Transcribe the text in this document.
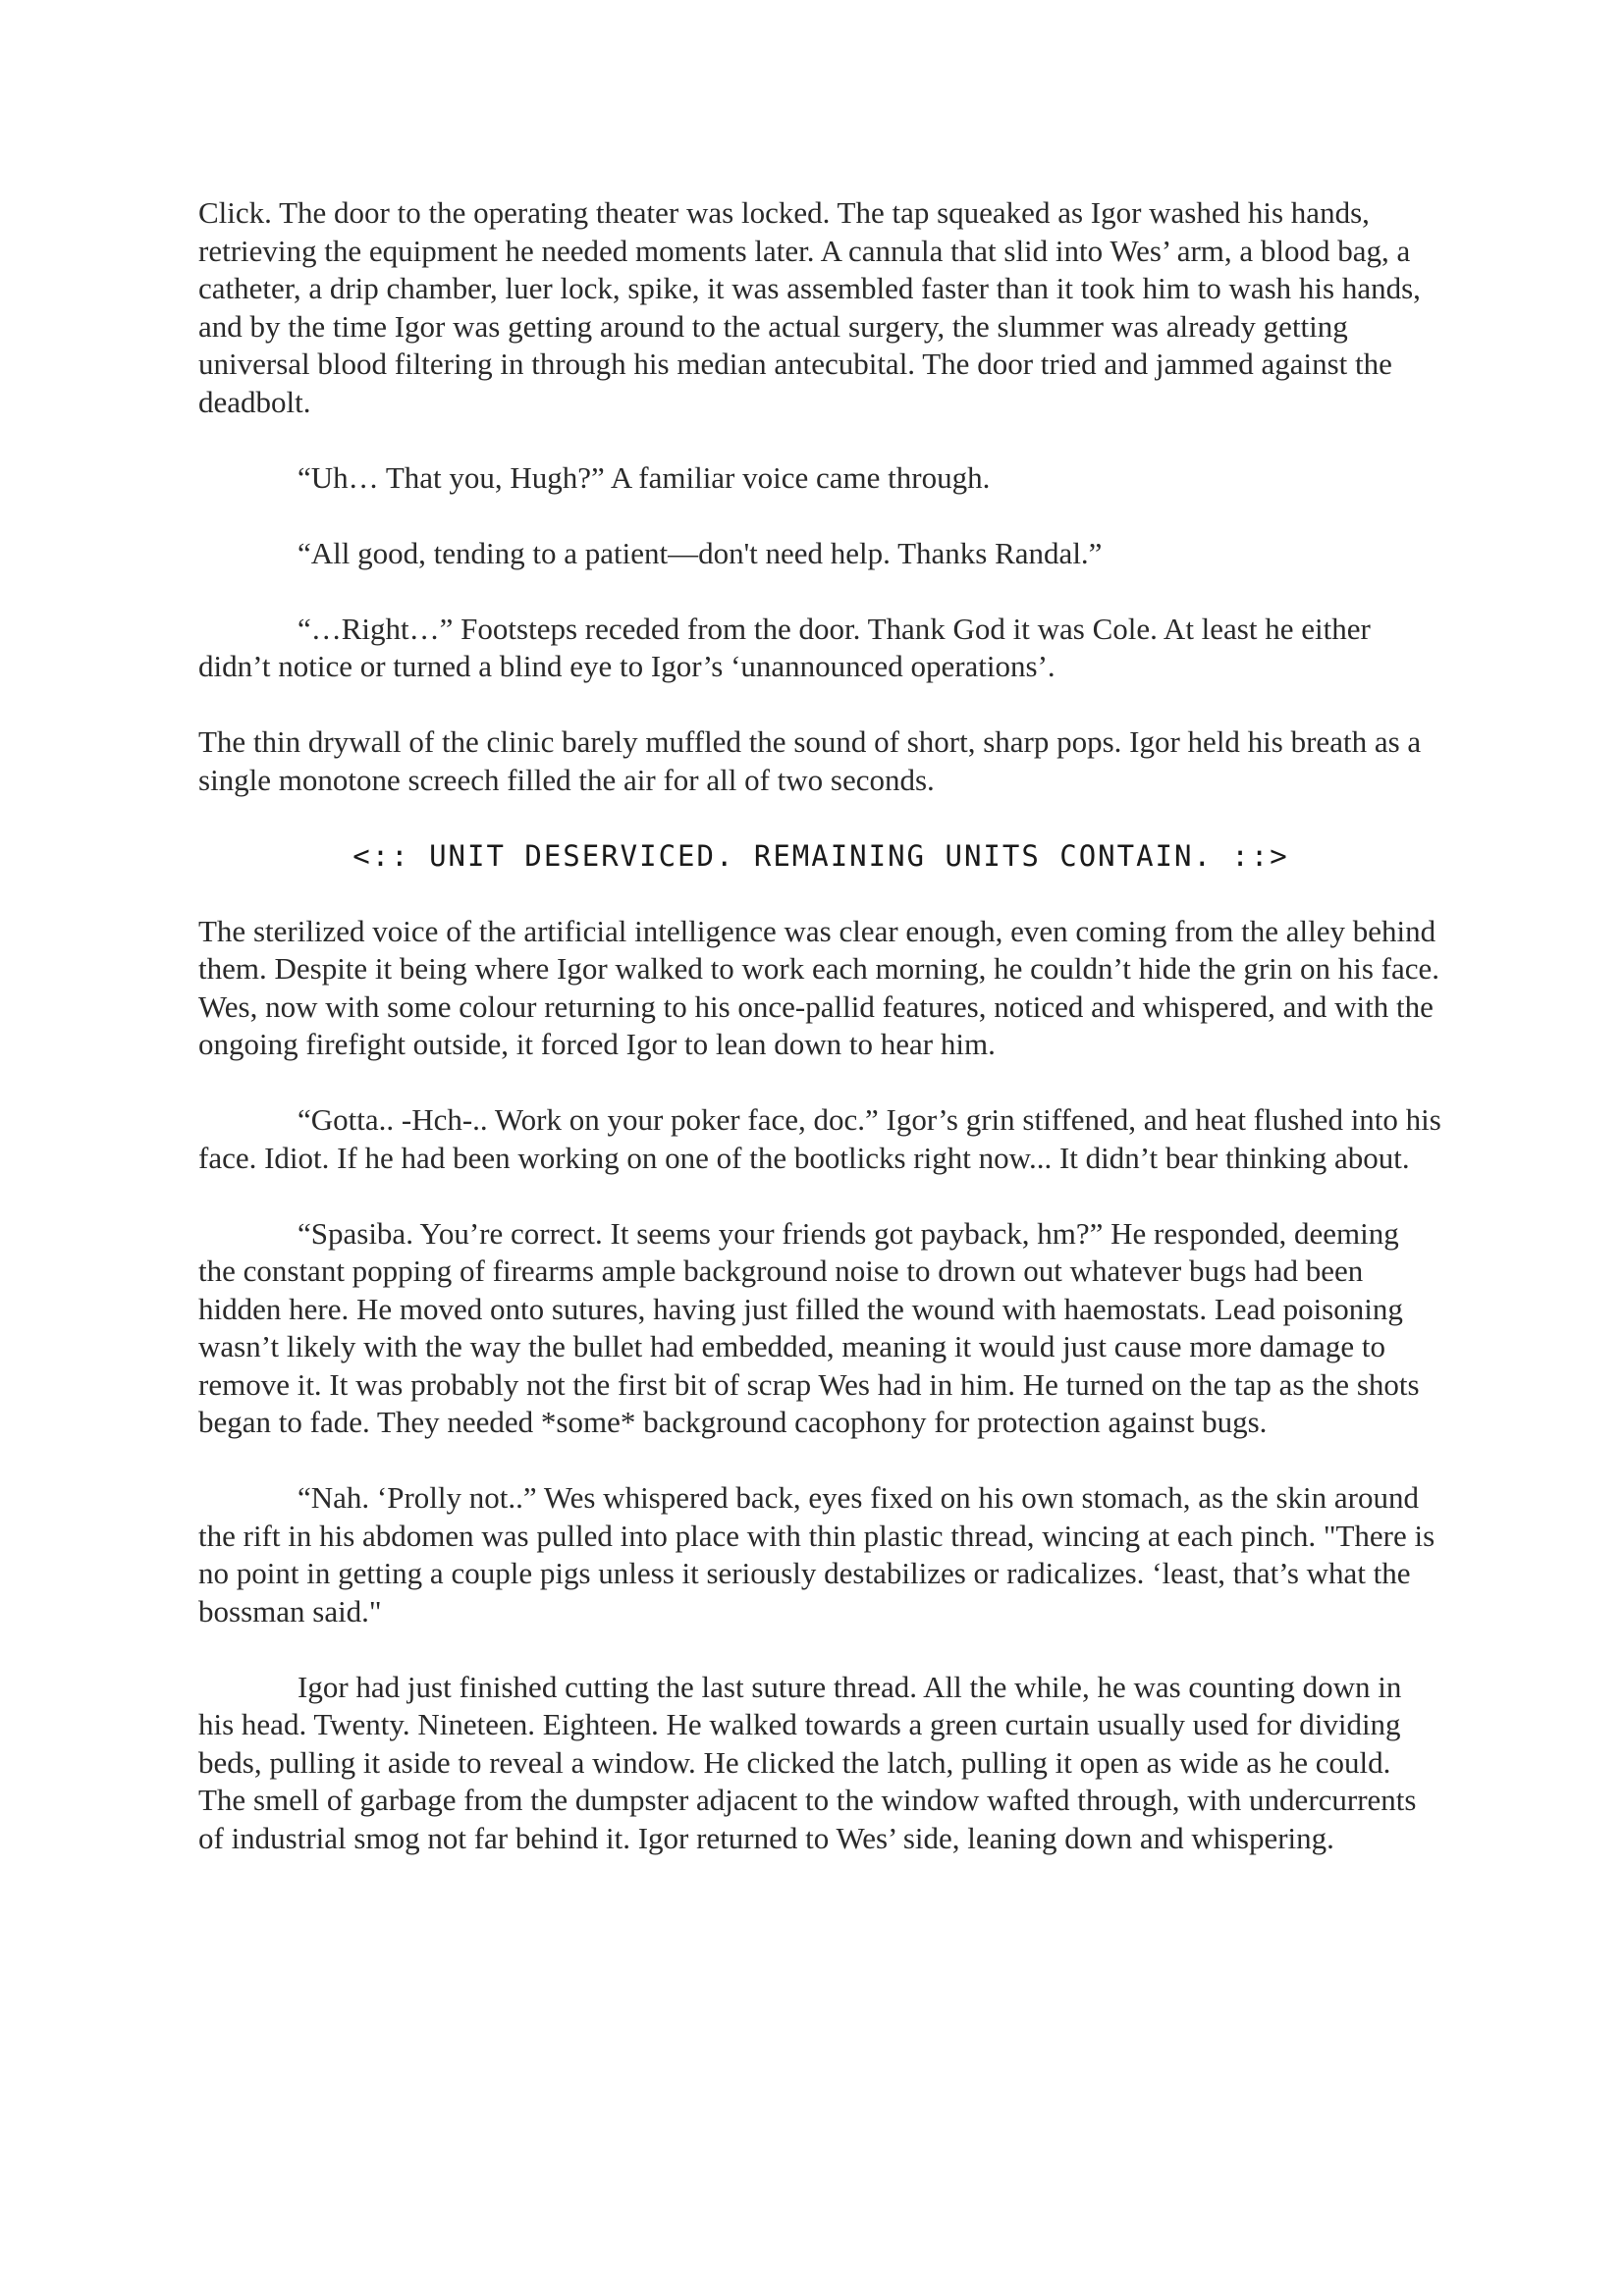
Click. The door to the operating theater was locked. The tap squeaked as Igor washed his hands, retrieving the equipment he needed moments later. A cannula that slid into Wes’ arm, a blood bag, a catheter, a drip chamber, luer lock, spike, it was assembled faster than it took him to wash his hands, and by the time Igor was getting around to the actual surgery, the slummer was already getting universal blood filtering in through his median antecubital. The door tried and jammed against the deadbolt.

“Uh… That you, Hugh?” A familiar voice came through.

“All good, tending to a patient—don't need help. Thanks Randal.”

“…Right…” Footsteps receded from the door. Thank God it was Cole. At least he either didn’t notice or turned a blind eye to Igor’s ‘unannounced operations’.

The thin drywall of the clinic barely muffled the sound of short, sharp pops. Igor held his breath as a single monotone screech filled the air for all of two seconds.

<:: UNIT DESERVICED. REMAINING UNITS CONTAIN. ::>

The sterilized voice of the artificial intelligence was clear enough, even coming from the alley behind them. Despite it being where Igor walked to work each morning, he couldn’t hide the grin on his face. Wes, now with some colour returning to his once-pallid features, noticed and whispered, and with the ongoing firefight outside, it forced Igor to lean down to hear him.

“Gotta.. -Hch-.. Work on your poker face, doc.” Igor’s grin stiffened, and heat flushed into his face. Idiot. If he had been working on one of the bootlicks right now... It didn’t bear thinking about.

“Spasiba. You’re correct. It seems your friends got payback, hm?” He responded, deeming the constant popping of firearms ample background noise to drown out whatever bugs had been hidden here. He moved onto sutures, having just filled the wound with haemostats. Lead poisoning wasn’t likely with the way the bullet had embedded, meaning it would just cause more damage to remove it. It was probably not the first bit of scrap Wes had in him. He turned on the tap as the shots began to fade. They needed *some* background cacophony for protection against bugs.

“Nah. ‘Prolly not..” Wes whispered back, eyes fixed on his own stomach, as the skin around the rift in his abdomen was pulled into place with thin plastic thread, wincing at each pinch. "There is no point in getting a couple pigs unless it seriously destabilizes or radicalizes. ‘least, that’s what the bossman said."

Igor had just finished cutting the last suture thread. All the while, he was counting down in his head. Twenty. Nineteen. Eighteen. He walked towards a green curtain usually used for dividing beds, pulling it aside to reveal a window. He clicked the latch, pulling it open as wide as he could. The smell of garbage from the dumpster adjacent to the window wafted through, with undercurrents of industrial smog not far behind it. Igor returned to Wes’ side, leaning down and whispering.
